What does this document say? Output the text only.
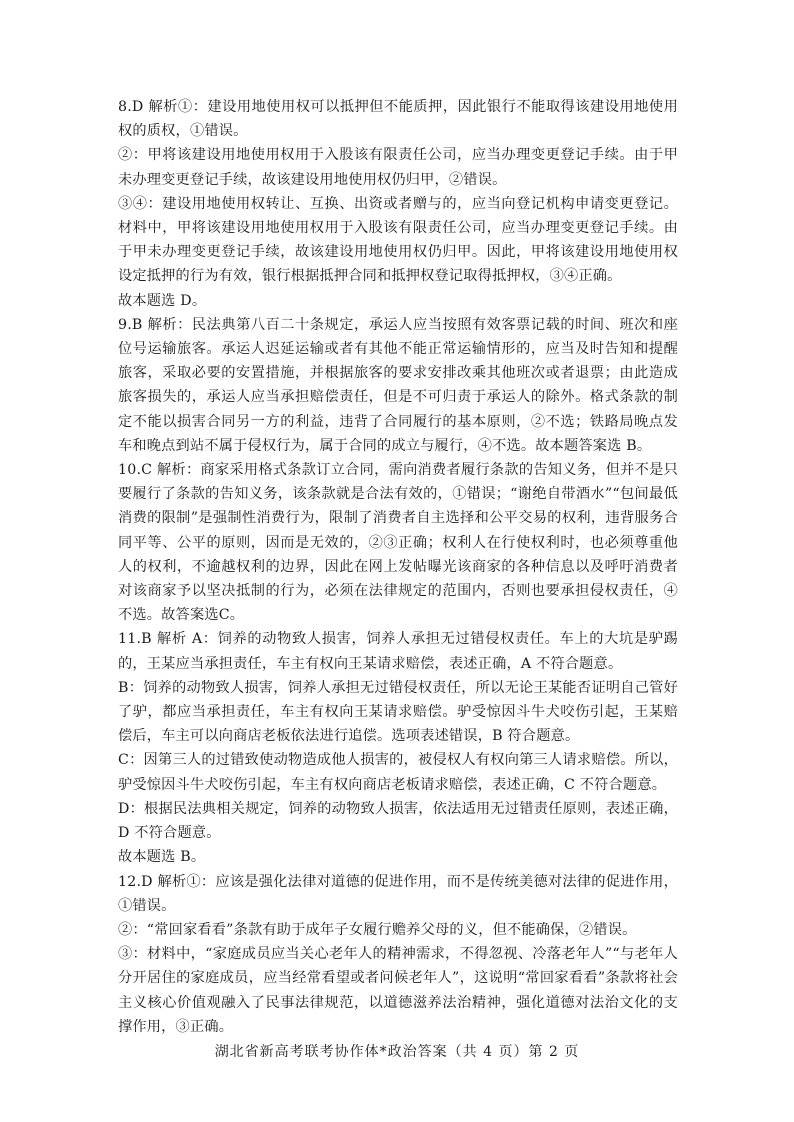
8.D 解析①：建设用地使用权可以抵押但不能质押，因此银行不能取得该建设用地使用权的质权，①错误。

②：甲将该建设用地使用权用于入股该有限责任公司，应当办理变更登记手续。由于甲未办理变更登记手续，故该建设用地使用权仍归甲，②错误。

③④：建设用地使用权转让、互换、出资或者赠与的，应当向登记机构申请变更登记。材料中，甲将该建设用地使用权用于入股该有限责任公司，应当办理变更登记手续。由于甲未办理变更登记手续，故该建设用地使用权仍归甲。因此，甲将该建设用地使用权设定抵押的行为有效，银行根据抵押合同和抵押权登记取得抵押权，③④正确。

故本题选 D。

9.B 解析：民法典第八百二十条规定，承运人应当按照有效客票记载的时间、班次和座位号运输旅客。承运人迟延运输或者有其他不能正常运输情形的，应当及时告知和提醒旅客，采取必要的安置措施，并根据旅客的要求安排改乘其他班次或者退票；由此造成旅客损失的，承运人应当承担赔偿责任，但是不可归责于承运人的除外。格式条款的制定不能以损害合同另一方的利益，违背了合同履行的基本原则，②不选；铁路局晚点发车和晚点到站不属于侵权行为，属于合同的成立与履行，④不选。故本题答案选 B。

10.C 解析：商家采用格式条款订立合同，需向消费者履行条款的告知义务，但并不是只要履行了条款的告知义务，该条款就是合法有效的，①错误；“谢绝自带酒水”“包间最低消费的限制”是强制性消费行为，限制了消费者自主选择和公平交易的权利，违背服务合同平等、公平的原则，因而是无效的，②③正确；权利人在行使权利时，也必须尊重他人的权利，不逾越权利的边界，因此在网上发帖曝光该商家的各种信息以及呼吁消费者对该商家予以坚决抵制的行为，必须在法律规定的范围内，否则也要承担侵权责任，④不选。故答案选C。

11.B 解析 A：饲养的动物致人损害，饲养人承担无过错侵权责任。车上的大坑是驴踢的，王某应当承担责任，车主有权向王某请求赔偿，表述正确，A 不符合题意。

B：饲养的动物致人损害，饲养人承担无过错侵权责任，所以无论王某能否证明自己管好了驴，都应当承担责任，车主有权向王某请求赔偿。驴受惊因斗牛犬咬伤引起，王某赔偿后，车主可以向商店老板依法进行追偿。选项表述错误，B 符合题意。

C：因第三人的过错致使动物造成他人损害的，被侵权人有权向第三人请求赔偿。所以，驴受惊因斗牛犬咬伤引起，车主有权向商店老板请求赔偿，表述正确，C 不符合题意。

D：根据民法典相关规定，饲养的动物致人损害，依法适用无过错责任原则，表述正确，D 不符合题意。

故本题选 B。

12.D 解析①：应该是强化法律对道德的促进作用，而不是传统美德对法律的促进作用，①错误。

②：“常回家看看”条款有助于成年子女履行赡养父母的义，但不能确保，②错误。

③：材料中，“家庭成员应当关心老年人的精神需求，不得忽视、冷落老年人”“与老年人分开居住的家庭成员，应当经常看望或者问候老年人”，这说明“常回家看看”条款将社会主义核心价值观融入了民事法律规范，以道德滋养法治精神，强化道德对法治文化的支撑作用，③正确。

湖北省新高考联考协作体*政治答案（共 4 页）第 2 页
